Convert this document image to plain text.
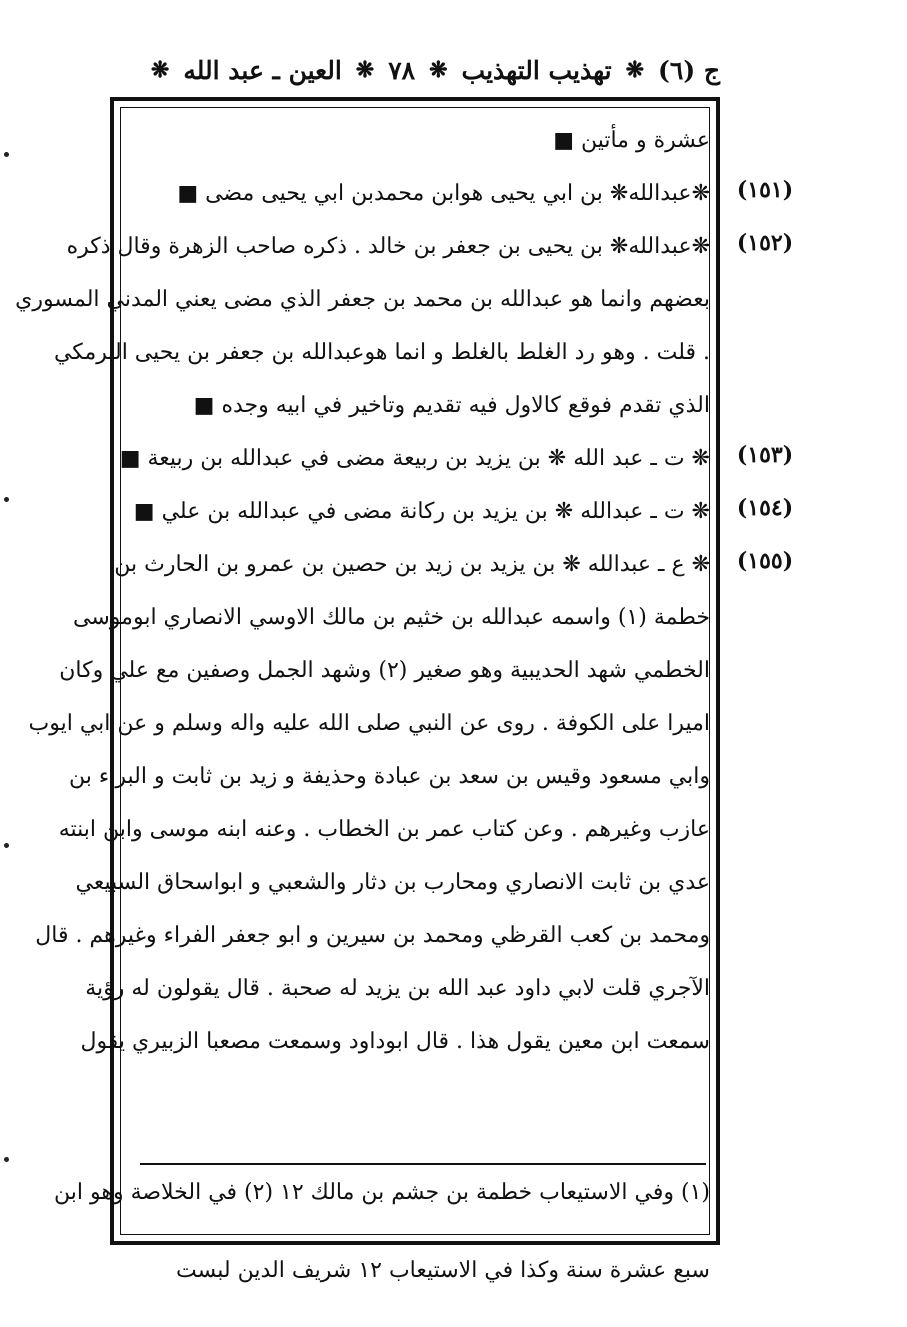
ج (٦)
❋
تهذيب التهذيب
❋
٧٨
❋
العين ـ عبد الله
❋
عشرة و مأتين ■
❋عبدالله❋ بن ابي يحيى هوابن محمدبن ابي يحيى مضى ■
❋عبدالله❋ بن يحيى بن جعفر بن خالد . ذكره صاحب الزهرة وقال ذكره
بعضهم وانما هو عبدالله بن محمد بن جعفر الذي مضى يعني المدني المسوري
. قلت . وهو رد الغلط بالغلط و انما هوعبدالله بن جعفر بن يحيى البرمكي
الذي تقدم فوقع كالاول فيه تقديم وتاخير في ابيه وجده ■
❋ ت ـ عبد الله ❋ بن يزيد بن ربيعة مضى في عبدالله بن ربيعة ■
❋ ت ـ عبدالله ❋ بن يزيد بن ركانة مضى في عبدالله بن علي ■
❋ ع ـ عبدالله ❋ بن يزيد بن زيد بن حصين بن عمرو بن الحارث بن
خطمة (١) واسمه عبدالله بن خثيم بن مالك الاوسي الانصاري ابوموسى
الخطمي شهد الحديبية وهو صغير (٢) وشهد الجمل وصفين مع علي وكان
اميرا على الكوفة . روى عن النبي صلى الله عليه واله وسلم و عن ابي ايوب
وابي مسعود وقيس بن سعد بن عبادة وحذيفة و زيد بن ثابت و البراء بن
عازب وغيرهم . وعن كتاب عمر بن الخطاب . وعنه ابنه موسى وابن ابنته
عدي بن ثابت الانصاري ومحارب بن دثار والشعبي و ابواسحاق السبيعي
ومحمد بن كعب القرظي ومحمد بن سيرين و ابو جعفر الفراء وغيرهم . قال
الآجري قلت لابي داود عبد الله بن يزيد له صحبة . قال يقولون له رؤية
سمعت ابن معين يقول هذا . قال ابوداود وسمعت مصعبا الزبيري يقول
(١٥١)
(١٥٢)
(١٥٣)
(١٥٤)
(١٥٥)
(١) وفي الاستيعاب خطمة بن جشم بن مالك ١٢ (٢) في الخلاصة وهو ابن
سبع عشرة سنة وكذا في الاستيعاب ١٢ شريف الدين لبست
